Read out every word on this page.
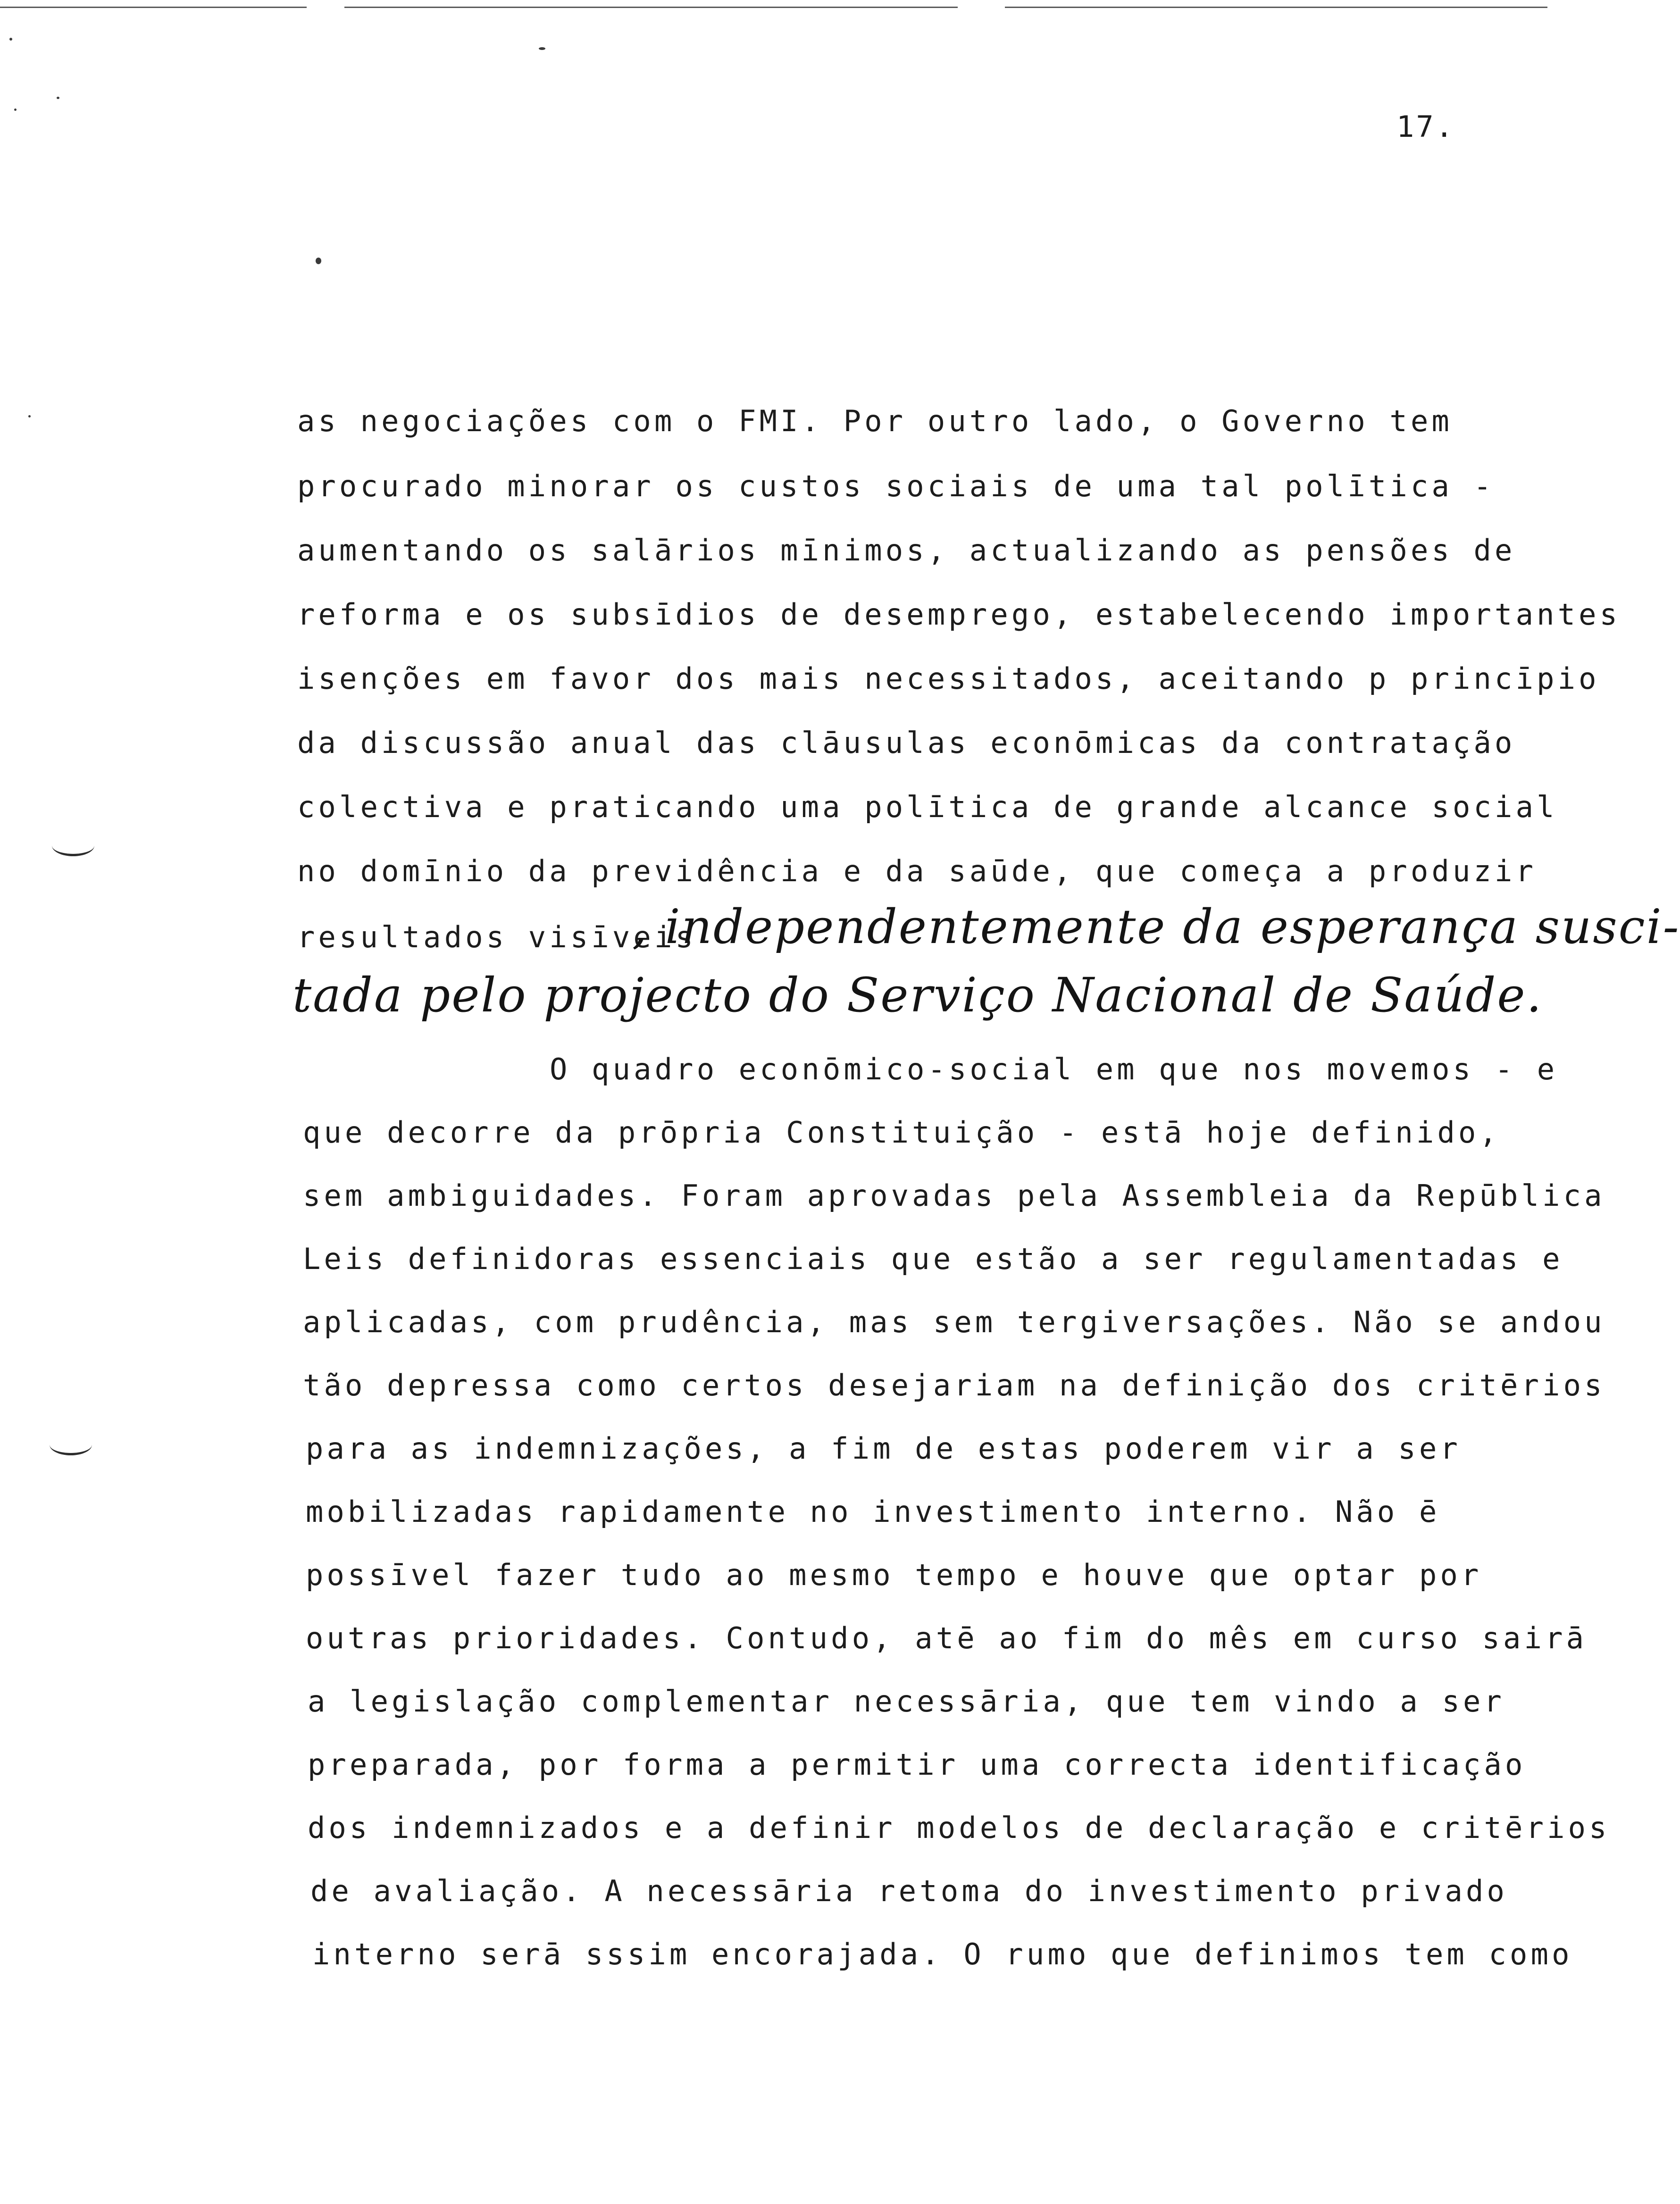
17.
as negociações com o FMI. Por outro lado, o Governo tem
procurado minorar os custos sociais de uma tal polītica -
aumentando os salārios mīnimos, actualizando as pensões de
reforma e os subsīdios de desemprego, estabelecendo importantes
isenções em favor dos mais necessitados, aceitando p princīpio
da discussão anual das clāusulas econōmicas da contratação
colectiva e praticando uma polītica de grande alcance social
no domīnio da previdência e da saūde, que começa a produzir
resultados visīveis
, independentemente da esperança susci-
tada pelo projecto do Serviço Nacional de Saúde.
O quadro econōmico-social em que nos movemos - e
que decorre da prōpria Constituição - estā hoje definido,
sem ambiguidades. Foram aprovadas pela Assembleia da Repūblica
Leis definidoras essenciais que estão a ser regulamentadas e
aplicadas, com prudência, mas sem tergiversações. Não se andou
tão depressa como certos desejariam na definição dos critērios
para as indemnizações, a fim de estas poderem vir a ser
mobilizadas rapidamente no investimento interno. Não ē
possīvel fazer tudo ao mesmo tempo e houve que optar por
outras prioridades. Contudo, atē ao fim do mês em curso sairā
a legislação complementar necessāria, que tem vindo a ser
preparada, por forma a permitir uma correcta identificação
dos indemnizados e a definir modelos de declaração e critērios
de avaliação. A necessāria retoma do investimento privado
interno serā sssim encorajada. O rumo que definimos tem como
